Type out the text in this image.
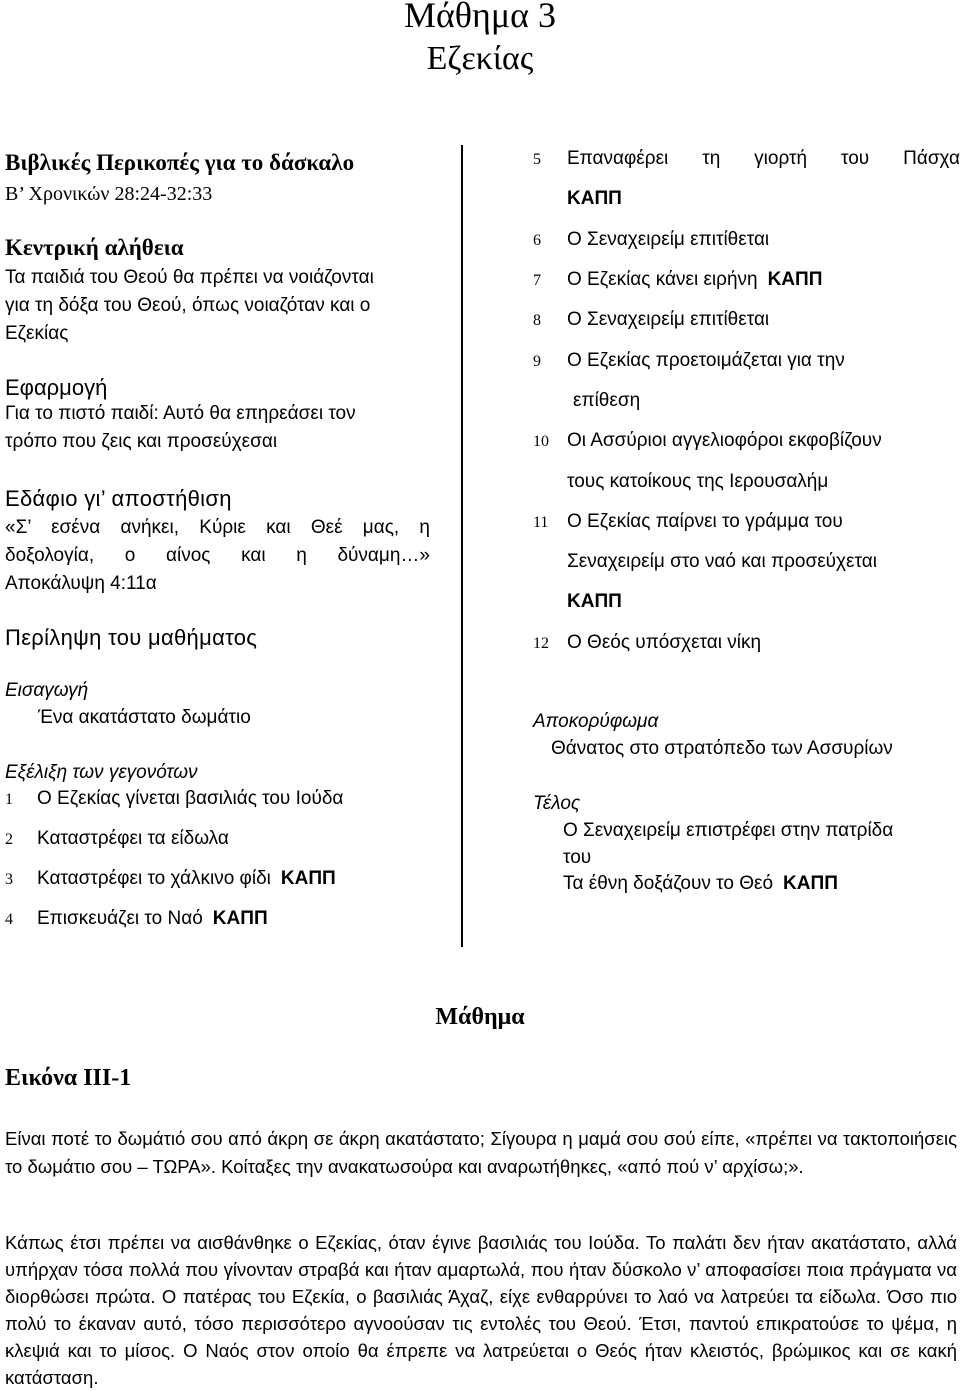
Μάθημα 3
Εζεκίας
Βιβλικές Περικοπές για το δάσκαλο
Β’ Χρονικών 28:24-32:33
Κεντρική αλήθεια
Τα παιδιά του Θεού θα πρέπει να νοιάζονται
για τη δόξα του Θεού, όπως νοιαζόταν και ο
Εζεκίας
Εφαρμογή
Για το πιστό παιδί: Αυτό θα επηρεάσει τον
τρόπο που ζεις και προσεύχεσαι
Εδάφιο γι’ αποστήθιση
«Σ’ εσένα ανήκει, Κύριε και Θεέ μας, η
δοξολογία, ο αίνος και η δύναμη…»
Αποκάλυψη 4:11α
Περίληψη του μαθήματος
Εισαγωγή
Ένα ακατάστατο δωμάτιο
Εξέλιξη των γεγονότων
1	Ο Εζεκίας γίνεται βασιλιάς του Ιούδα
2	Καταστρέφει τα είδωλα
3	Καταστρέφει το χάλκινο φίδι ΚΑΠΠ
4	Επισκευάζει το Ναό ΚΑΠΠ
5	Επαναφέρει τη γιορτή του Πάσχα
ΚΑΠΠ
6	Ο Σεναχειρείμ επιτίθεται
7	Ο Εζεκίας κάνει ειρήνη ΚΑΠΠ
8	Ο Σεναχειρείμ επιτίθεται
9	Ο Εζεκίας προετοιμάζεται για την
επίθεση
10 Οι Ασσύριοι αγγελιοφόροι εκφοβίζουν
τους κατοίκους της Ιερουσαλήμ
11 Ο Εζεκίας παίρνει το γράμμα του
Σεναχειρείμ στο ναό και προσεύχεται
ΚΑΠΠ
12 Ο Θεός υπόσχεται νίκη
Αποκορύφωμα
Θάνατος στο στρατόπεδο των Ασσυρίων
Τέλος
Ο Σεναχειρείμ επιστρέφει στην πατρίδα
του
Τα έθνη δοξάζουν το Θεό ΚΑΠΠ
Μάθημα
Εικόνα ΙΙΙ-1
Είναι ποτέ το δωμάτιό σου από άκρη σε άκρη ακατάστατο; Σίγουρα η μαμά σου σού είπε, «πρέπει να τακτοποιήσεις το δωμάτιο σου – ΤΩΡΑ». Κοίταξες την ανακατωσούρα και αναρωτήθηκες, «από πού ν’ αρχίσω;».
Κάπως έτσι πρέπει να αισθάνθηκε ο Εζεκίας, όταν έγινε βασιλιάς του Ιούδα. Το παλάτι δεν ήταν ακατάστατο, αλλά υπήρχαν τόσα πολλά που γίνονταν στραβά και ήταν αμαρτωλά, που ήταν δύσκολο ν’ αποφασίσει ποια πράγματα να διορθώσει πρώτα. Ο πατέρας του Εζεκία, ο βασιλιάς Άχαζ, είχε ενθαρρύνει το λαό να λατρεύει τα είδωλα. Όσο πιο πολύ το έκαναν αυτό, τόσο περισσότερο αγνοούσαν τις εντολές του Θεού. Έτσι, παντού επικρατούσε το ψέμα, η κλεψιά και το μίσος. Ο Ναός στον οποίο θα έπρεπε να λατρεύεται ο Θεός ήταν κλειστός, βρώμικος και σε κακή κατάσταση.
